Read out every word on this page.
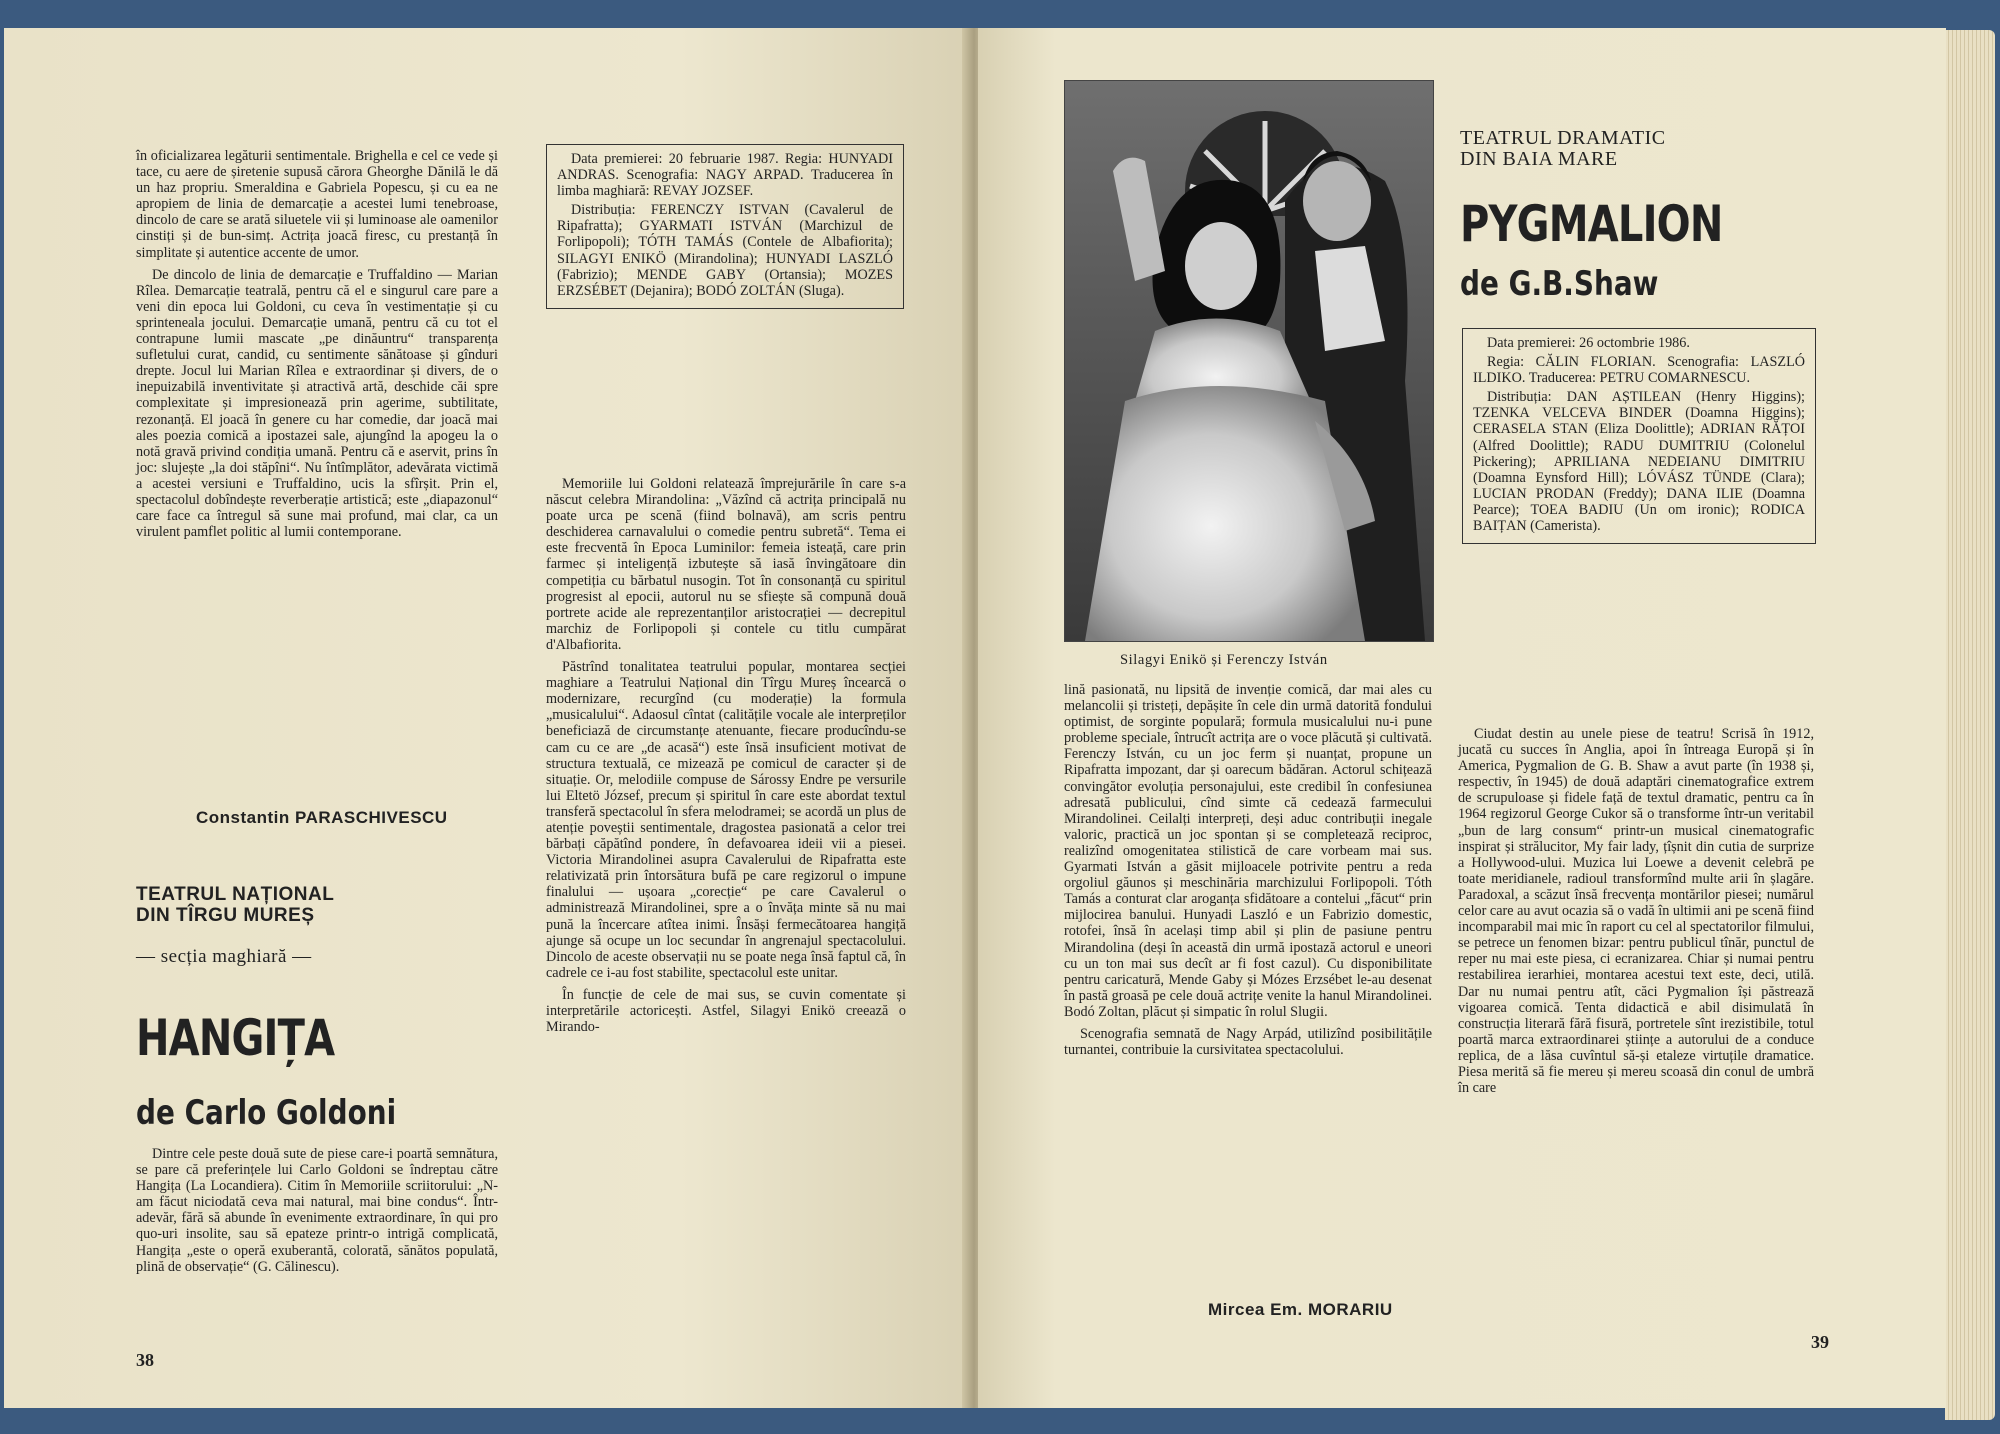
în oficializarea legăturii sentimentale. Brighella e cel ce vede și tace, cu aere de șiretenie supusă cărora Gheorghe Dănilă le dă un haz propriu. Smeraldina e Gabriela Popescu, și cu ea ne apropiem de linia de demarcație a acestei lumi tenebroase, dincolo de care se arată siluetele vii și luminoase ale oamenilor cinstiți și de bun-simț. Actrița joacă firesc, cu prestanță în simplitate și autentice accente de umor.

De dincolo de linia de demarcație e Truffaldino — Marian Rîlea. Demarcație teatrală, pentru că el e singurul care pare a veni din epoca lui Goldoni, cu ceva în vestimentație și cu sprinteneala jocului. Demarcație umană, pentru că cu tot el contrapune lumii mascate „pe dinăuntru“ transparența sufletului curat, candid, cu sentimente sănătoase și gînduri drepte. Jocul lui Marian Rîlea e extraordinar și divers, de o inepuizabilă inventivitate și atractivă artă, deschide căi spre complexitate și impresionează prin agerime, subtilitate, rezonanță. El joacă în genere cu har comedie, dar joacă mai ales poezia comică a ipostazei sale, ajungînd la apogeu la o notă gravă privind condiția umană. Pentru că e aservit, prins în joc: slujește „la doi stăpîni“. Nu întîmplător, adevărata victimă a acestei versiuni e Truffaldino, ucis la sfîrșit. Prin el, spectacolul dobîndește reverberație artistică; este „diapazonul“ care face ca întregul să sune mai profund, mai clar, ca un virulent pamflet politic al lumii contemporane.

Constantin PARASCHIVESCU
TEATRUL NAȚIONAL
DIN TÎRGU MUREȘ
— secția maghiară —
HANGIȚA
de Carlo Goldoni

Dintre cele peste două sute de piese care-i poartă semnătura, se pare că preferințele lui Carlo Goldoni se îndreptau către Hangița (La Locandiera). Citim în Memoriile scriitorului: „N-am făcut niciodată ceva mai natural, mai bine condus“. Într-adevăr, fără să abunde în evenimente extraordinare, în qui pro quo-uri insolite, sau să epateze printr-o intrigă complicată, Hangița „este o operă exuberantă, colorată, sănătos populată, plină de observație“ (G. Călinescu).

Data premierei: 20 februarie 1987. Regia: HUNYADI ANDRAS. Scenografia: NAGY ARPAD. Traducerea în limba maghiară: REVAY JOZSEF.

Distribuția: FERENCZY ISTVAN (Cavalerul de Ripafratta); GYARMATI ISTVÁN (Marchizul de Forlipopoli); TÓTH TAMÁS (Contele de Albafiorita); SILAGYI ENIKÖ (Mirandolina); HUNYADI LASZLÓ (Fabrizio); MENDE GABY (Ortansia); MOZES ERZSÉBET (Dejanira); BODÓ ZOLTÁN (Sluga).

Memoriile lui Goldoni relatează împrejurările în care s-a născut celebra Mirandolina: „Văzînd că actrița principală nu poate urca pe scenă (fiind bolnavă), am scris pentru deschiderea carnavalului o comedie pentru subretă“. Tema ei este frecventă în Epoca Luminilor: femeia isteață, care prin farmec și inteligență izbutește să iasă învingătoare din competiția cu bărbatul nusogin. Tot în consonanță cu spiritul progresist al epocii, autorul nu se sfiește să compună două portrete acide ale reprezentanților aristocrației — decrepitul marchiz de Forlipopoli și contele cu titlu cumpărat d'Albafiorita.

Păstrînd tonalitatea teatrului popular, montarea secției maghiare a Teatrului Național din Tîrgu Mureș încearcă o modernizare, recurgînd (cu moderație) la formula „musicalului“. Adaosul cîntat (calitățile vocale ale interpreților beneficiază de circumstanțe atenuante, fiecare producîndu-se cam cu ce are „de acasă“) este însă insuficient motivat de structura textuală, ce mizează pe comicul de caracter și de situație. Or, melodiile compuse de Sárossy Endre pe versurile lui Eltetö József, precum și spiritul în care este abordat textul transferă spectacolul în sfera melodramei; se acordă un plus de atenție poveștii sentimentale, dragostea pasionată a celor trei bărbați căpătînd pondere, în defavoarea ideii vii a piesei. Victoria Mirandolinei asupra Cavalerului de Ripafratta este relativizată prin întorsătura bufă pe care regizorul o impune finalului — ușoara „corecție“ pe care Cavalerul o administrează Mirandolinei, spre a o învăța minte să nu mai pună la încercare atîtea inimi. Însăși fermecătoarea hangiță ajunge să ocupe un loc secundar în angrenajul spectacolului. Dincolo de aceste observații nu se poate nega însă faptul că, în cadrele ce i-au fost stabilite, spectacolul este unitar.

În funcție de cele de mai sus, se cuvin comentate și interpretările actoricești. Astfel, Silagyi Enikö creează o Mirando-

38
Silagyi Enikö și Ferenczy István

lină pasionată, nu lipsită de invenție comică, dar mai ales cu melancolii și tristeți, depășite în cele din urmă datorită fondului optimist, de sorginte populară; formula musicalului nu-i pune probleme speciale, întrucît actrița are o voce plăcută și cultivată. Ferenczy István, cu un joc ferm și nuanțat, propune un Ripafratta impozant, dar și oarecum bădăran. Actorul schițează convingător evoluția personajului, este credibil în confesiunea adresată publicului, cînd simte că cedează farmecului Mirandolinei. Ceilalți interpreți, deși aduc contribuții inegale valoric, practică un joc spontan și se completează reciproc, realizînd omogenitatea stilistică de care vorbeam mai sus. Gyarmati István a găsit mijloacele potrivite pentru a reda orgoliul găunos și meschinăria marchizului Forlipopoli. Tóth Tamás a conturat clar aroganța sfidătoare a contelui „făcut“ prin mijlocirea banului. Hunyadi Laszló e un Fabrizio domestic, rotofei, însă în același timp abil și plin de pasiune pentru Mirandolina (deși în această din urmă ipostază actorul e uneori cu un ton mai sus decît ar fi fost cazul). Cu disponibilitate pentru caricatură, Mende Gaby și Mózes Erzsébet le-au desenat în pastă groasă pe cele două actrițe venite la hanul Mirandolinei. Bodó Zoltan, plăcut și simpatic în rolul Slugii.

Scenografia semnată de Nagy Arpád, utilizînd posibilitățile turnantei, contribuie la cursivitatea spectacolului.

Mircea Em. MORARIU
TEATRUL DRAMATIC
DIN BAIA MARE
PYGMALION
de G.B.Shaw

Data premierei: 26 octombrie 1986.

Regia: CĂLIN FLORIAN. Scenografia: LASZLÓ ILDIKO. Traducerea: PETRU COMARNESCU.

Distribuția: DAN AȘTILEAN (Henry Higgins); TZENKA VELCEVA BINDER (Doamna Higgins); CERASELA STAN (Eliza Doolittle); ADRIAN RĂȚOI (Alfred Doolittle); RADU DUMITRIU (Colonelul Pickering); APRILIANA NEDEIANU DIMITRIU (Doamna Eynsford Hill); LÓVÁSZ TÜNDE (Clara); LUCIAN PRODAN (Freddy); DANA ILIE (Doamna Pearce); TOEA BADIU (Un om ironic); RODICA BAIȚAN (Camerista).

Ciudat destin au unele piese de teatru! Scrisă în 1912, jucată cu succes în Anglia, apoi în întreaga Europă și în America, Pygmalion de G. B. Shaw a avut parte (în 1938 și, respectiv, în 1945) de două adaptări cinematografice extrem de scrupuloase și fidele față de textul dramatic, pentru ca în 1964 regizorul George Cukor să o transforme într-un veritabil „bun de larg consum“ printr-un musical cinematografic inspirat și strălucitor, My fair lady, țîșnit din cutia de surprize a Hollywood-ului. Muzica lui Loewe a devenit celebră pe toate meridianele, radioul transformînd multe arii în șlagăre. Paradoxal, a scăzut însă frecvența montărilor piesei; numărul celor care au avut ocazia să o vadă în ultimii ani pe scenă fiind incomparabil mai mic în raport cu cel al spectatorilor filmului, se petrece un fenomen bizar: pentru publicul tînăr, punctul de reper nu mai este piesa, ci ecranizarea. Chiar și numai pentru restabilirea ierarhiei, montarea acestui text este, deci, utilă. Dar nu numai pentru atît, căci Pygmalion își păstrează vigoarea comică. Tenta didactică e abil disimulată în construcția literară fără fisură, portretele sînt irezistibile, totul poartă marca extraordinarei științe a autorului de a conduce replica, de a lăsa cuvîntul să-și etaleze virtuțile dramatice. Piesa merită să fie mereu și mereu scoasă din conul de umbră în care

39
